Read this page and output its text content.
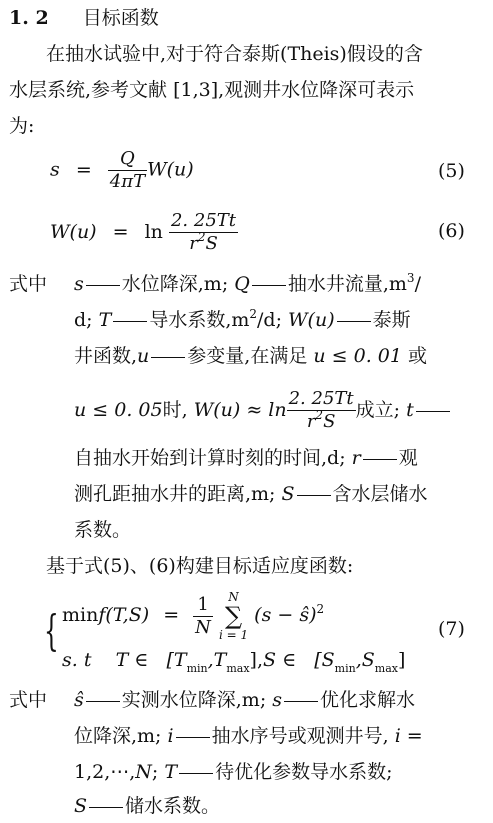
1. 2 目标函数
在抽水试验中,对于符合泰斯(Theis)假设的含
水层系统,参考文献 [1,3],观测井水位降深可表示
为:
$s = \frac{Q}{4\pi T} W(u)$	(5)
$W(u) = \ln \frac{2. 25Tt}{r^2S}$	(6)
式中 s 水位降深,m; Q 抽水井流量$,m^3/$
d; T 导水系数$,m^2/d$; W(u) 泰斯
井函数,u 参变量,在满足 u ≤ 0. 01 或
u ≤ 0. 05时, $W(u) \approx \ln \frac{2. 25Tt}{r^2S}$ 成立; t
自抽水开始到计算时刻的时间,d; r 观
测孔距抽水井的距离,m; S 含水层储水
系数。
基于式(5)、(6)构建目标适应度函数:
{ $\min f(T,S) = \frac{1}{N}$
	N
∑
i = 1
(s − ŝ)$^2$
s. t T ∈ $[T_{min},T_{max}],S$ ∈ $[S_{min},S_{max}]$
(7)
式中 ŝ 实测水位降深,m; s 优化求解水
位降深,m; i 抽水序号或观测井号, i =
1,2,⋯,N; T 待优化参数导水系数;
S 储水系数。
